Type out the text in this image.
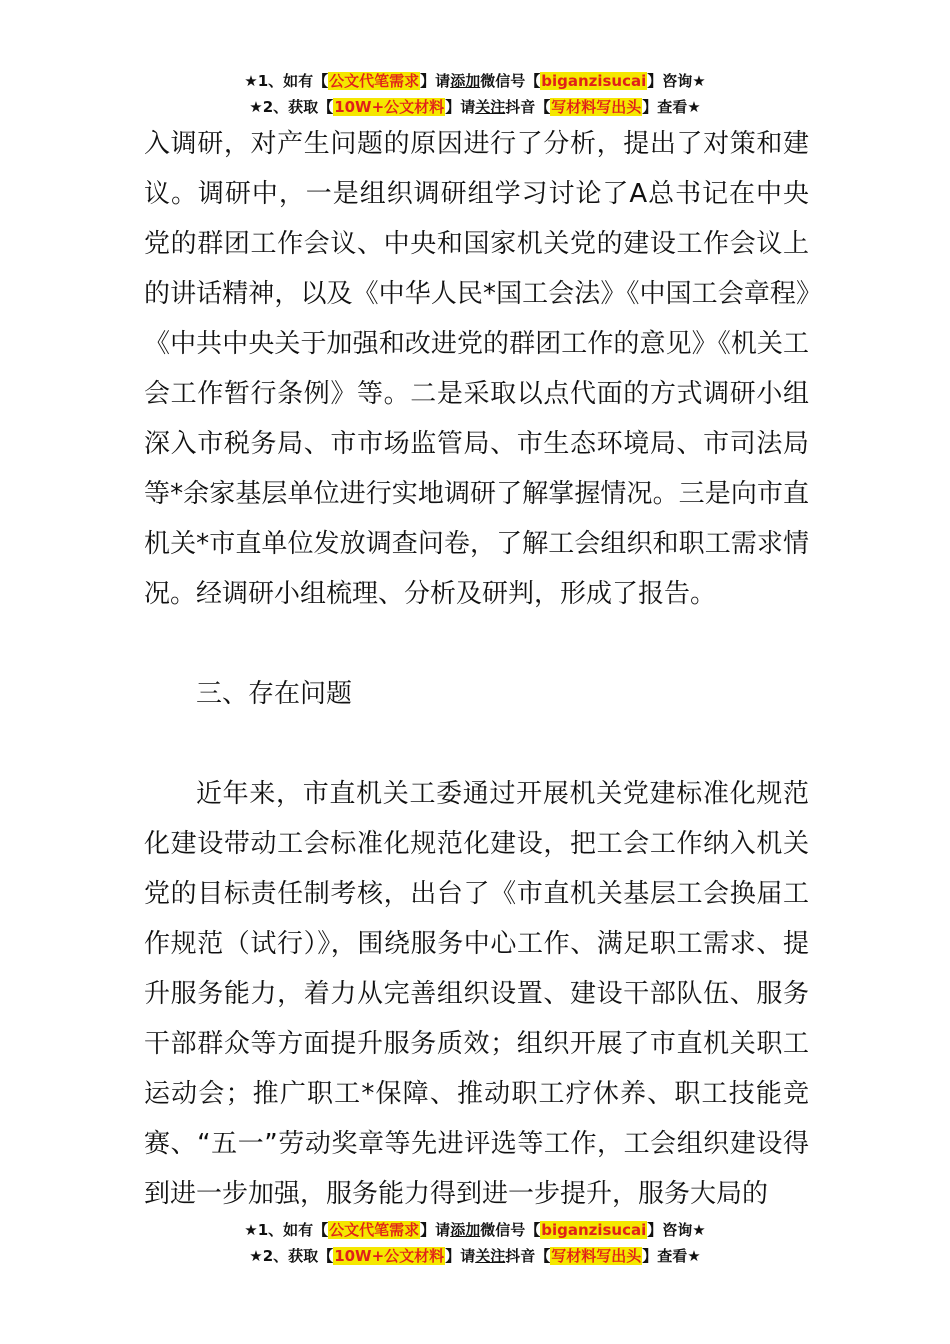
★1、如有【公文代笔需求】请添加微信号【biganzisucai】咨询★
★2、获取【10W+公文材料】请关注抖音【写材料写出头】查看★

入调研，对产生问题的原因进行了分析，提出了对策和建议。调研中，一是组织调研组学习讨论了A总书记在中央党的群团工作会议、中央和国家机关党的建设工作会议上的讲话精神，以及《中华人民*国工会法》《中国工会章程》《中共中央关于加强和改进党的群团工作的意见》《机关工会工作暂行条例》等。二是采取以点代面的方式调研小组深入市税务局、市市场监管局、市生态环境局、市司法局等*余家基层单位进行实地调研了解掌握情况。三是向市直机关*市直单位发放调查问卷，了解工会组织和职工需求情况。经调研小组梳理、分析及研判，形成了报告。

三、存在问题

近年来，市直机关工委通过开展机关党建标准化规范化建设带动工会标准化规范化建设，把工会工作纳入机关党的目标责任制考核，出台了《市直机关基层工会换届工作规范（试行）》，围绕服务中心工作、满足职工需求、提升服务能力，着力从完善组织设置、建设干部队伍、服务干部群众等方面提升服务质效；组织开展了市直机关职工运动会；推广职工*保障、推动职工疗休养、职工技能竞赛、“五一”劳动奖章等先进评选等工作，工会组织建设得到进一步加强，服务能力得到进一步提升，服务大局的

★1、如有【公文代笔需求】请添加微信号【biganzisucai】咨询★
★2、获取【10W+公文材料】请关注抖音【写材料写出头】查看★
